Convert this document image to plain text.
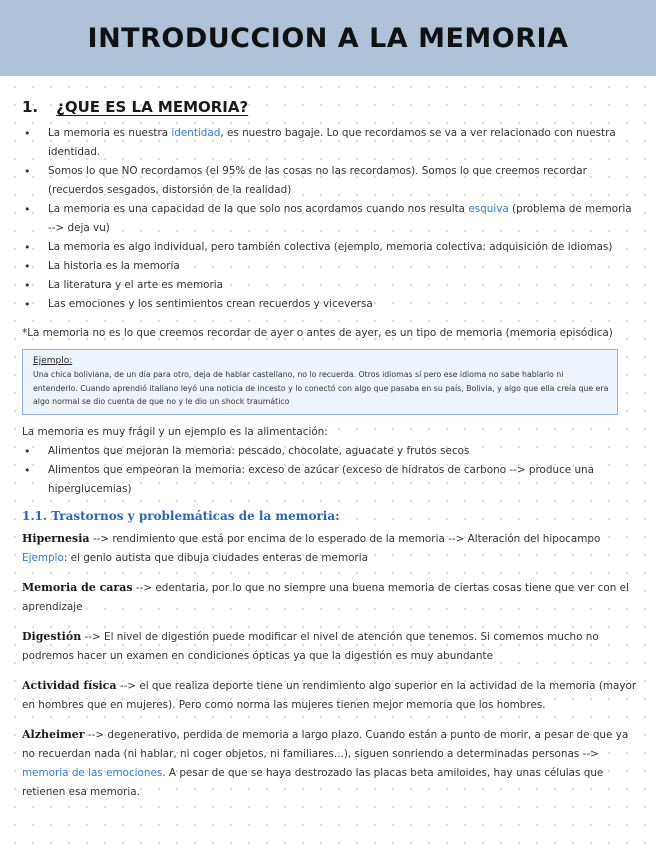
INTRODUCCION A LA MEMORIA
1. ¿QUE ES LA MEMORIA?
• La memoria es nuestra identidad, es nuestro bagaje. Lo que recordamos se va a ver relacionado con nuestra identidad.
• Somos lo que NO recordamos (el 95% de las cosas no las recordamos). Somos lo que creemos recordar (recuerdos sesgados, distorsión de la realidad)
• La memoria es una capacidad de la que solo nos acordamos cuando nos resulta esquiva (problema de memoria --> deja vu)
• La memoria es algo individual, pero también colectiva (ejemplo, memoria colectiva: adquisición de idiomas)
• La historia es la memoria
• La literatura y el arte es memoria
• Las emociones y los sentimientos crean recuerdos y viceversa

*La memoria no es lo que creemos recordar de ayer o antes de ayer, es un tipo de memoria (memoria episódica)

Ejemplo:
Una chica boliviana, de un día para otro, deja de hablar castellano, no lo recuerda. Otros idiomas sí pero ese idioma no sabe hablarlo ni entenderlo. Cuando aprendió italiano leyó una noticia de incesto y lo conectó con algo que pasaba en su país, Bolivia, y algo que ella creía que era algo normal se dio cuenta de que no y le dio un shock traumático

La memoria es muy frágil y un ejemplo es la alimentación:

• Alimentos que mejoran la memoria: pescado, chocolate, aguacate y frutos secos
• Alimentos que empeoran la memoria: exceso de azúcar (exceso de hidratos de carbono --> produce una hiperglucemias)
1.1. Trastornos y problemáticas de la memoria:
Hipernesia --> rendimiento que está por encima de lo esperado de la memoria --> Alteración del hipocampo
Ejemplo: el genio autista que dibuja ciudades enteras de memoria
Memoria de caras --> edentaria, por lo que no siempre una buena memoria de ciertas cosas tiene que ver con el aprendizaje
Digestión --> El nivel de digestión puede modificar el nivel de atención que tenemos. Si comemos mucho no podremos hacer un examen en condiciones ópticas ya que la digestión es muy abundante
Actividad física --> el que realiza deporte tiene un rendimiento algo superior en la actividad de la memoria (mayor en hombres que en mujeres). Pero como norma las mujeres tienen mejor memoria que los hombres.
Alzheimer --> degenerativo, perdida de memoria a largo plazo. Cuando están a punto de morir, a pesar de que ya no recuerdan nada (ni hablar, ni coger objetos, ni familiares...), siguen sonriendo a determinadas personas --> memoria de las emociones. A pesar de que se haya destrozado las placas beta amiloides, hay unas células que retienen esa memoria.
